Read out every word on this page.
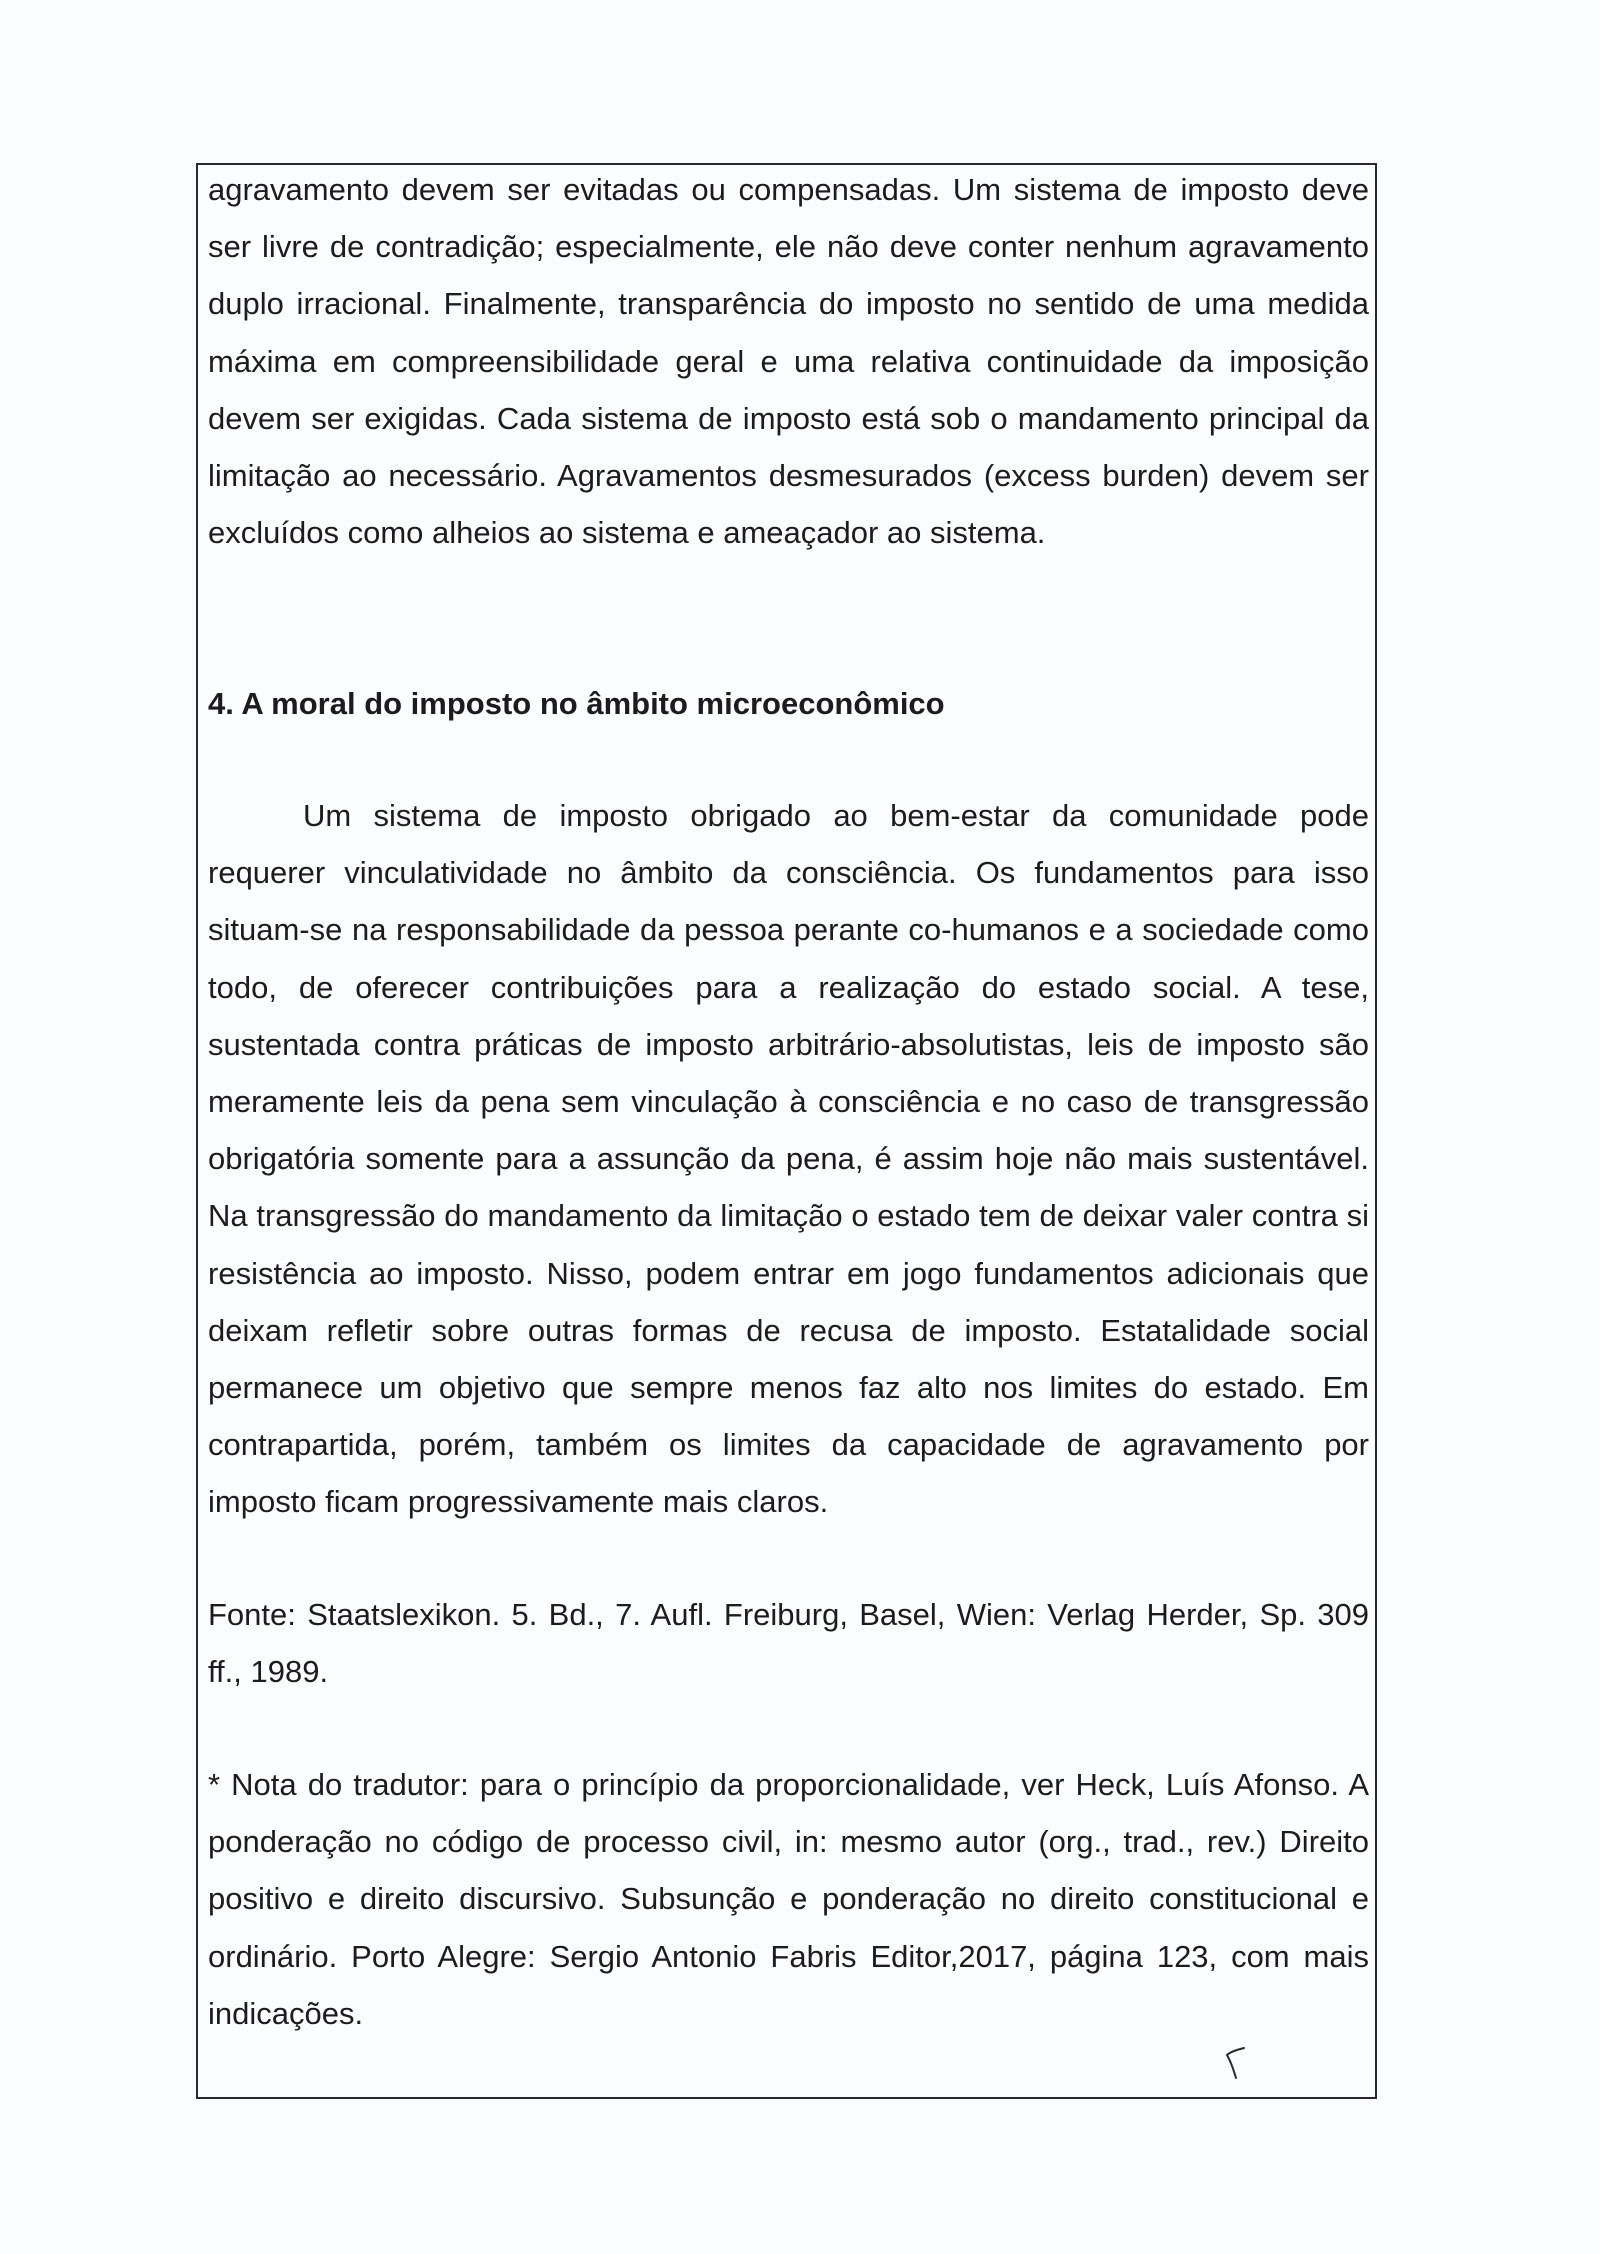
agravamento devem ser evitadas ou compensadas. Um sistema de imposto deve ser livre de contradição; especialmente, ele não deve conter nenhum agravamento duplo irracional. Finalmente, transparência do imposto no sentido de uma medida máxima em compreensibilidade geral e uma relativa continuidade da imposição devem ser exigidas. Cada sistema de imposto está sob o mandamento principal da limitação ao necessário. Agravamentos desmesurados (excess burden) devem ser excluídos como alheios ao sistema e ameaçador ao sistema.

4. A moral do imposto no âmbito microeconômico

Um sistema de imposto obrigado ao bem-estar da comunidade pode requerer vinculatividade no âmbito da consciência. Os fundamentos para isso situam-se na responsabilidade da pessoa perante co-humanos e a sociedade como todo, de oferecer contribuições para a realização do estado social. A tese, sustentada contra práticas de imposto arbitrário-absolutistas, leis de imposto são meramente leis da pena sem vinculação à consciência e no caso de transgressão obrigatória somente para a assunção da pena, é assim hoje não mais sustentável. Na transgressão do mandamento da limitação o estado tem de deixar valer contra si resistência ao imposto. Nisso, podem entrar em jogo fundamentos adicionais que deixam refletir sobre outras formas de recusa de imposto. Estatalidade social permanece um objetivo que sempre menos faz alto nos limites do estado. Em contrapartida, porém, também os limites da capacidade de agravamento por imposto ficam progressivamente mais claros.

Fonte: Staatslexikon. 5. Bd., 7. Aufl. Freiburg, Basel, Wien: Verlag Herder, Sp. 309 ff., 1989.

* Nota do tradutor: para o princípio da proporcionalidade, ver Heck, Luís Afonso. A ponderação no código de processo civil, in: mesmo autor (org., trad., rev.) Direito positivo e direito discursivo. Subsunção e ponderação no direito constitucional e ordinário. Porto Alegre: Sergio Antonio Fabris Editor,2017, página 123, com mais indicações.
